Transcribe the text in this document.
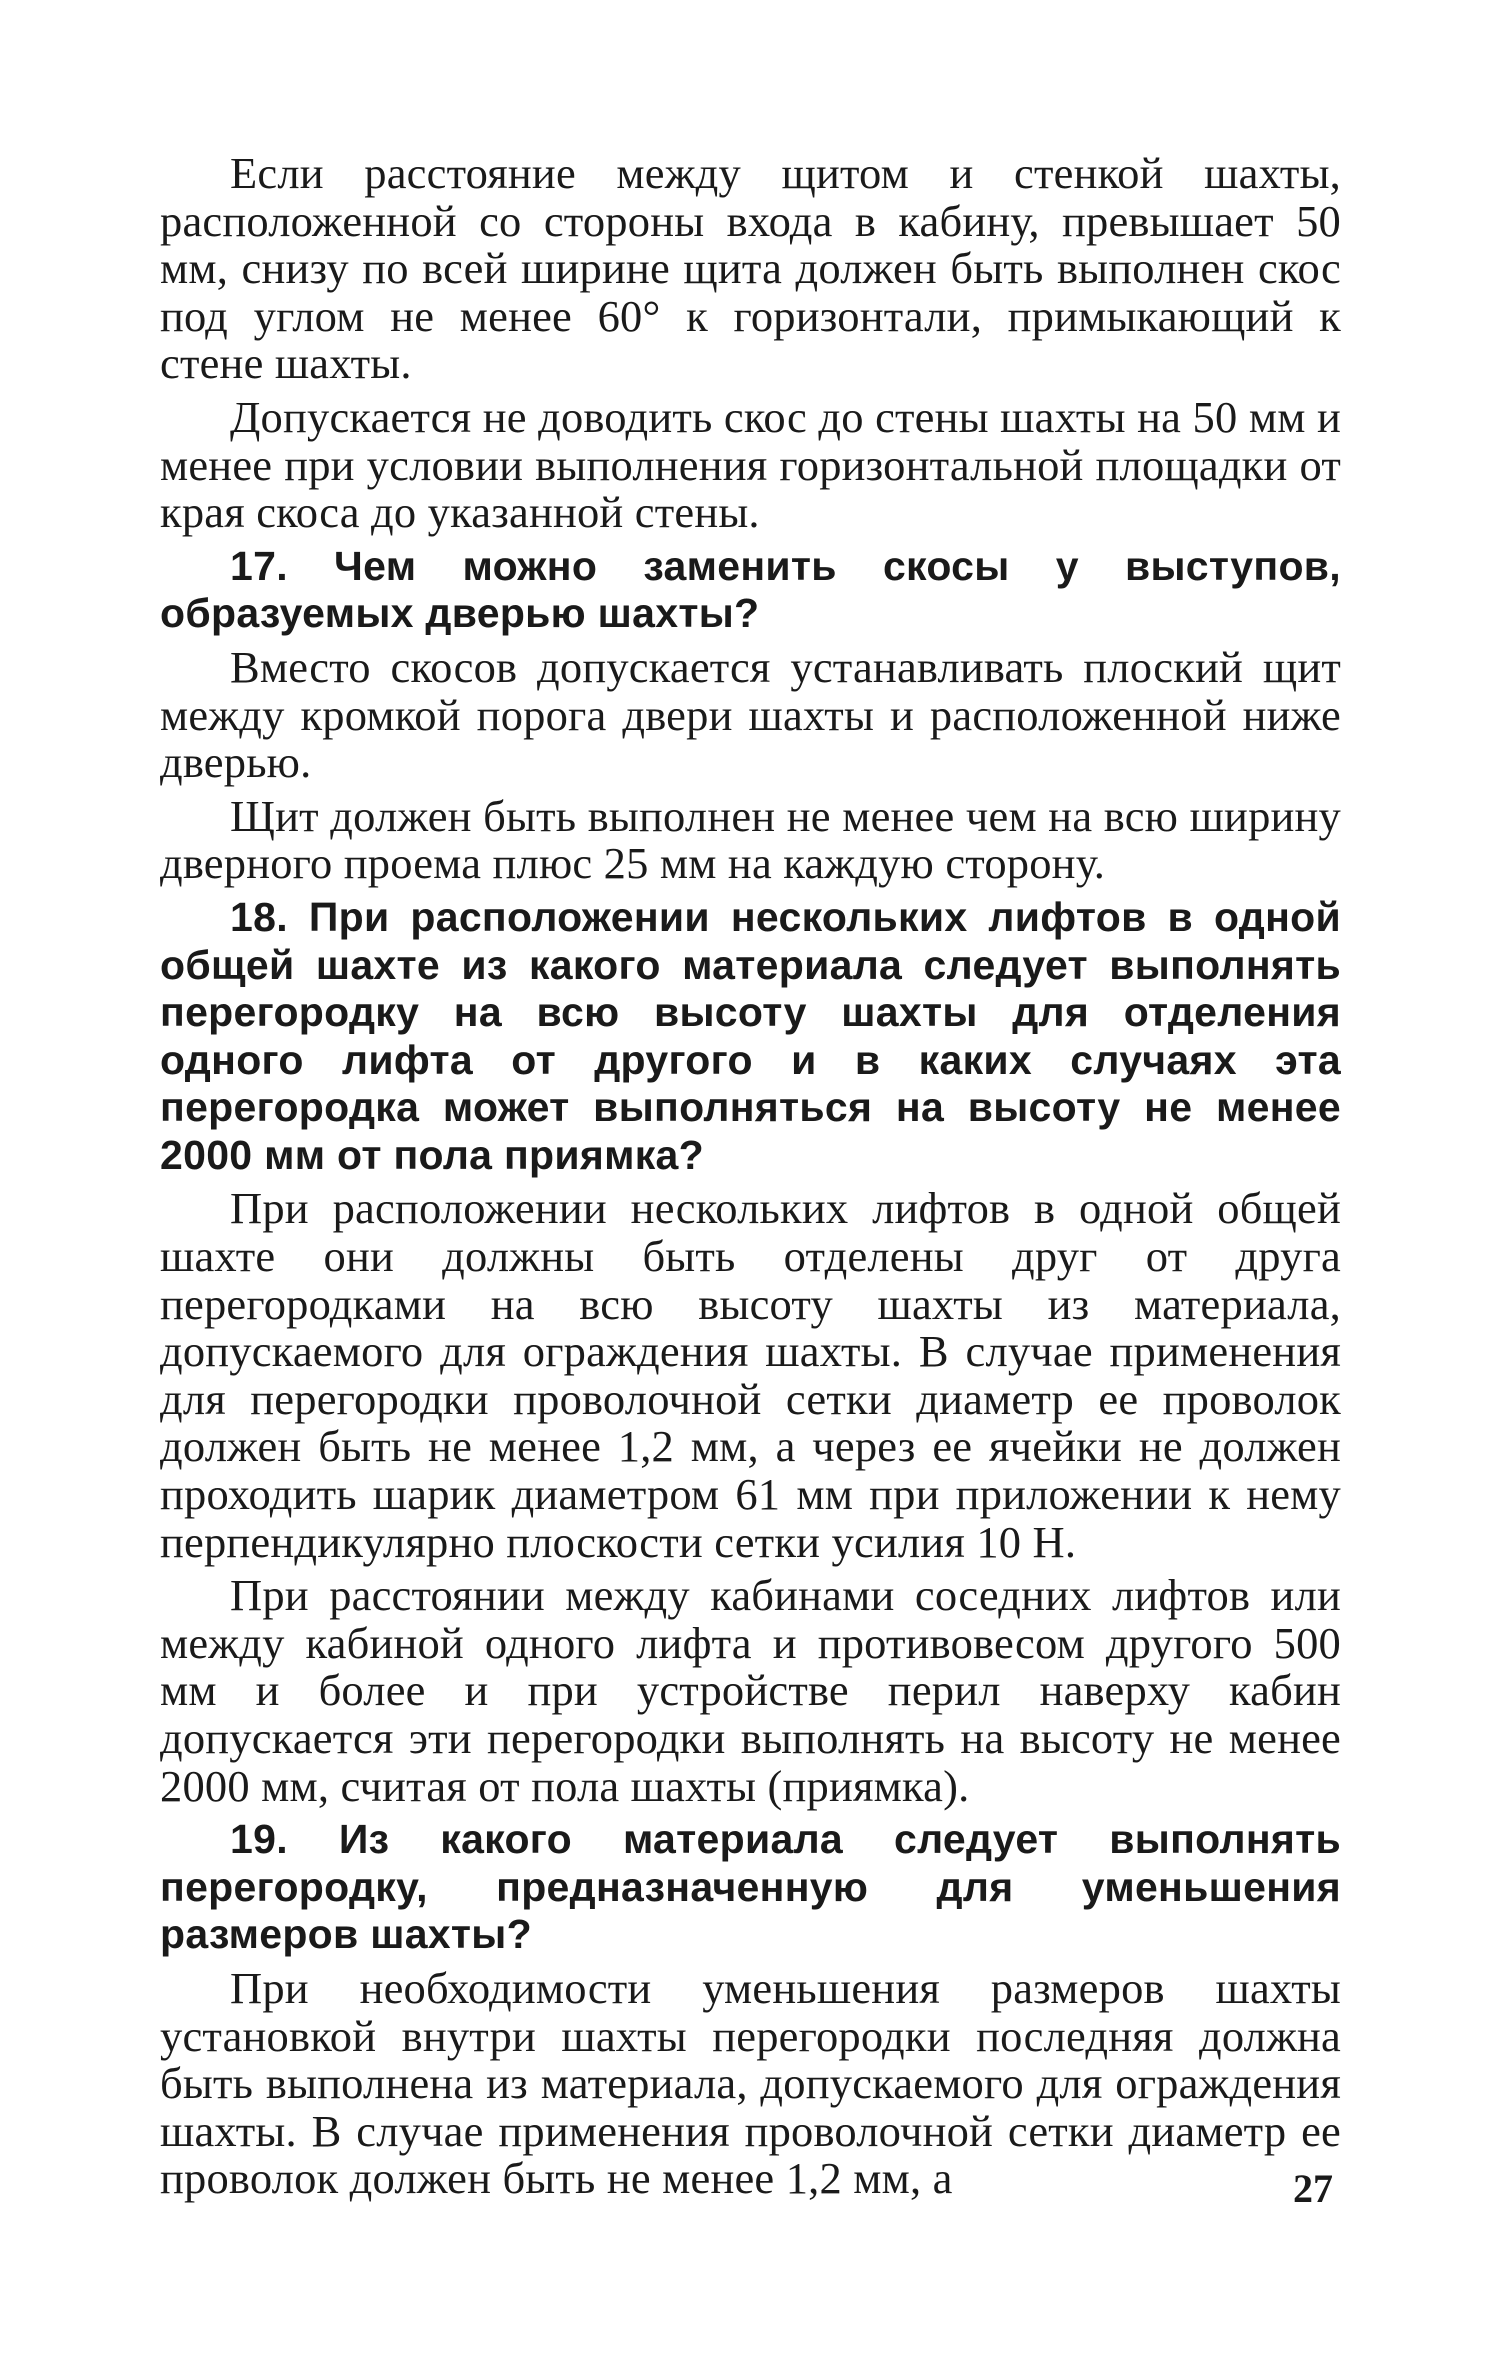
Если расстояние между щитом и стенкой шахты, расположенной со стороны входа в кабину, превышает 50 мм, снизу по всей ширине щита должен быть выполнен скос под углом не менее 60° к горизонтали, примыкающий к стене шахты.

Допускается не доводить скос до стены шахты на 50 мм и менее при условии выполнения горизонтальной площадки от края скоса до указанной стены.

17. Чем можно заменить скосы у выступов, образуемых дверью шахты?

Вместо скосов допускается устанавливать плоский щит между кромкой порога двери шахты и расположенной ниже дверью.

Щит должен быть выполнен не менее чем на всю ширину дверного проема плюс 25 мм на каждую сторону.

18. При расположении нескольких лифтов в одной общей шахте из какого материала следует выполнять перегородку на всю высоту шахты для отделения одного лифта от другого и в каких случаях эта перегородка может выполняться на высоту не менее 2000 мм от пола приямка?

При расположении нескольких лифтов в одной общей шахте они должны быть отделены друг от друга перегородками на всю высоту шахты из материала, допускаемого для ограждения шахты. В случае применения для перегородки проволочной сетки диаметр ее проволок должен быть не менее 1,2 мм, а через ее ячейки не должен проходить шарик диаметром 61 мм при приложении к нему перпендикулярно плоскости сетки усилия 10 Н.

При расстоянии между кабинами соседних лифтов или между кабиной одного лифта и противовесом другого 500 мм и более и при устройстве перил наверху кабин допускается эти перегородки выполнять на высоту не менее 2000 мм, считая от пола шахты (приямка).

19. Из какого материала следует выполнять перегородку, предназначенную для уменьшения размеров шахты?

При необходимости уменьшения размеров шахты установкой внутри шахты перегородки последняя должна быть выполнена из материала, допускаемого для ограждения шахты. В случае применения проволочной сетки диаметр ее проволок должен быть не менее 1,2 мм, а	27
